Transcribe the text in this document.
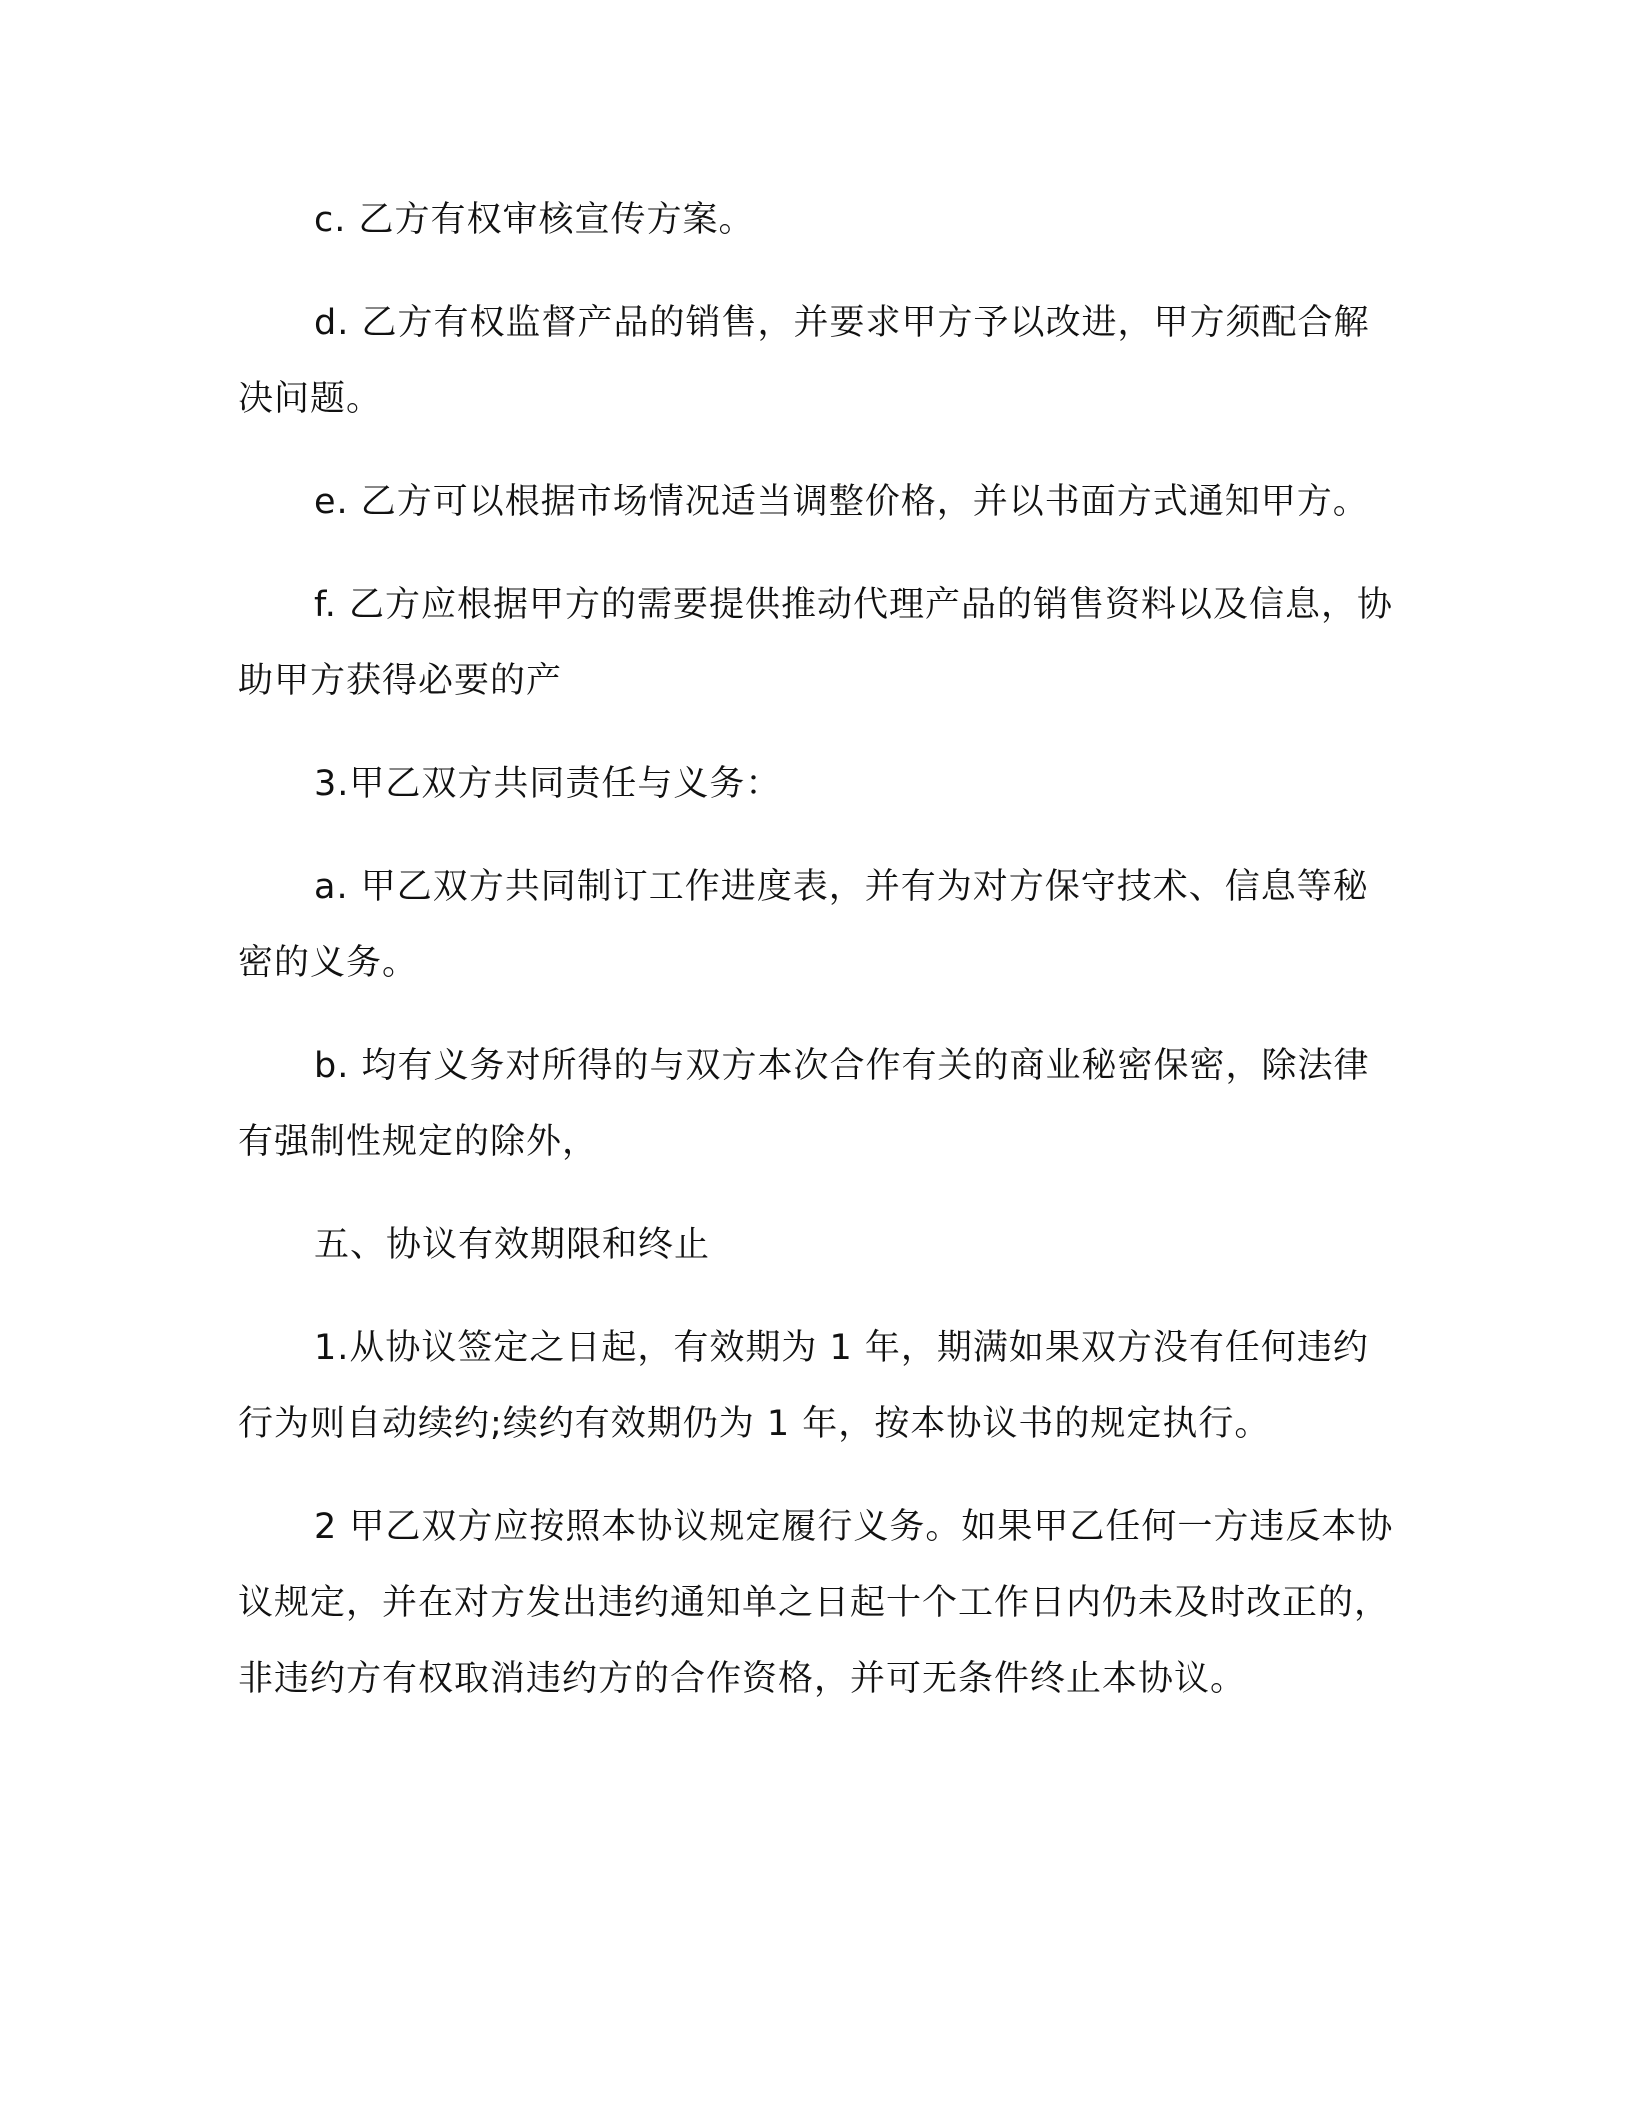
c. 乙方有权审核宣传方案。

d. 乙方有权监督产品的销售，并要求甲方予以改进，甲方须配合解决问题。

e. 乙方可以根据市场情况适当调整价格，并以书面方式通知甲方。

f. 乙方应根据甲方的需要提供推动代理产品的销售资料以及信息，协助甲方获得必要的产

3.甲乙双方共同责任与义务：

a. 甲乙双方共同制订工作进度表，并有为对方保守技术、信息等秘密的义务。

b. 均有义务对所得的与双方本次合作有关的商业秘密保密，除法律有强制性规定的除外，

五、协议有效期限和终止

1.从协议签定之日起，有效期为 1 年，期满如果双方没有任何违约行为则自动续约;续约有效期仍为 1 年，按本协议书的规定执行。

2 甲乙双方应按照本协议规定履行义务。如果甲乙任何一方违反本协议规定，并在对方发出违约通知单之日起十个工作日内仍未及时改正的，非违约方有权取消违约方的合作资格，并可无条件终止本协议。
